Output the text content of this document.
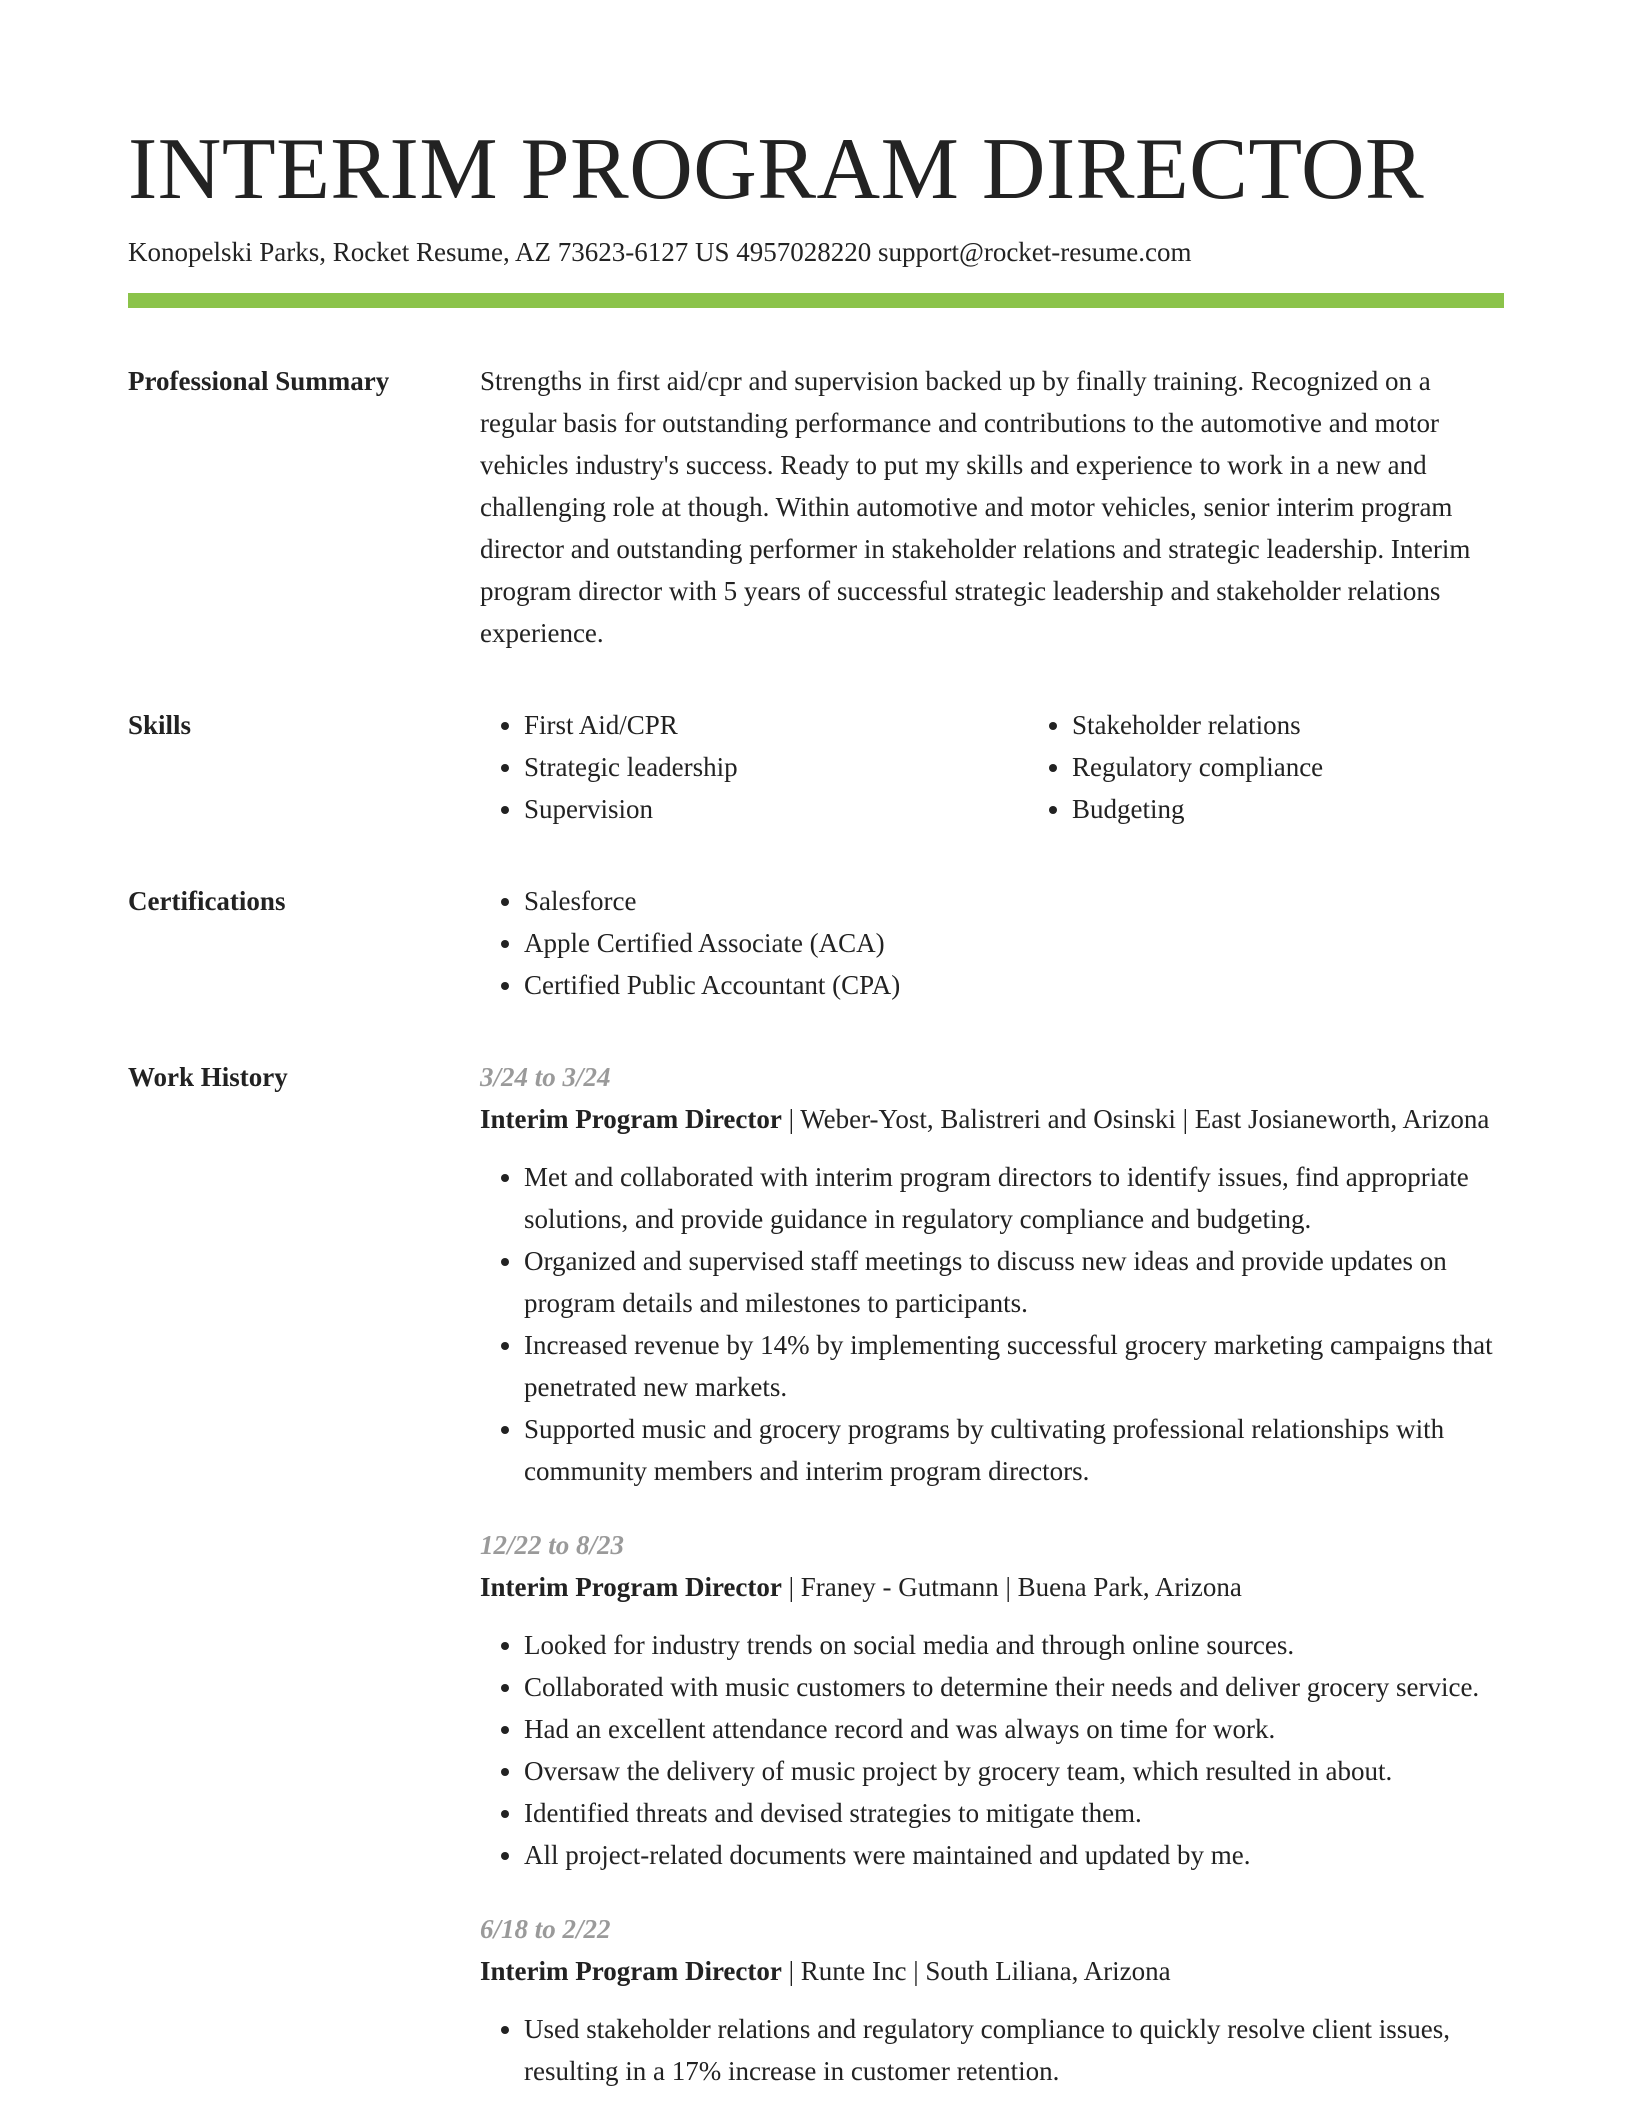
INTERIM PROGRAM DIRECTOR
Konopelski Parks, Rocket Resume, AZ 73623-6127 US 4957028220 support@rocket-resume.com
Professional Summary	Strengths in first aid/cpr and supervision backed up by finally training. Recognized on a regular basis for outstanding performance and contributions to the automotive and motor vehicles industry's success. Ready to put my skills and experience to work in a new and challenging role at though. Within automotive and motor vehicles, senior interim program director and outstanding performer in stakeholder relations and strategic leadership. Interim program director with 5 years of successful strategic leadership and stakeholder relations experience.

Skills	• First Aid/CPR
• Strategic leadership
• Supervision
• Stakeholder relations
• Regulatory compliance
• Budgeting
Certifications	• Salesforce
• Apple Certified Associate (ACA)
• Certified Public Accountant (CPA)
Work History	3/24 to 3/24
Interim Program Director | Weber-Yost, Balistreri and Osinski | East Josianeworth, Arizona
• Met and collaborated with interim program directors to identify issues, find appropriate solutions, and provide guidance in regulatory compliance and budgeting.
• Organized and supervised staff meetings to discuss new ideas and provide updates on program details and milestones to participants.
• Increased revenue by 14% by implementing successful grocery marketing campaigns that penetrated new markets.
• Supported music and grocery programs by cultivating professional relationships with community members and interim program directors.
12/22 to 8/23
Interim Program Director | Franey - Gutmann | Buena Park, Arizona
• Looked for industry trends on social media and through online sources.
• Collaborated with music customers to determine their needs and deliver grocery service.
• Had an excellent attendance record and was always on time for work.
• Oversaw the delivery of music project by grocery team, which resulted in about.
• Identified threats and devised strategies to mitigate them.
• All project-related documents were maintained and updated by me.
6/18 to 2/22
Interim Program Director | Runte Inc | South Liliana, Arizona
• Used stakeholder relations and regulatory compliance to quickly resolve client issues, resulting in a 17% increase in customer retention.
